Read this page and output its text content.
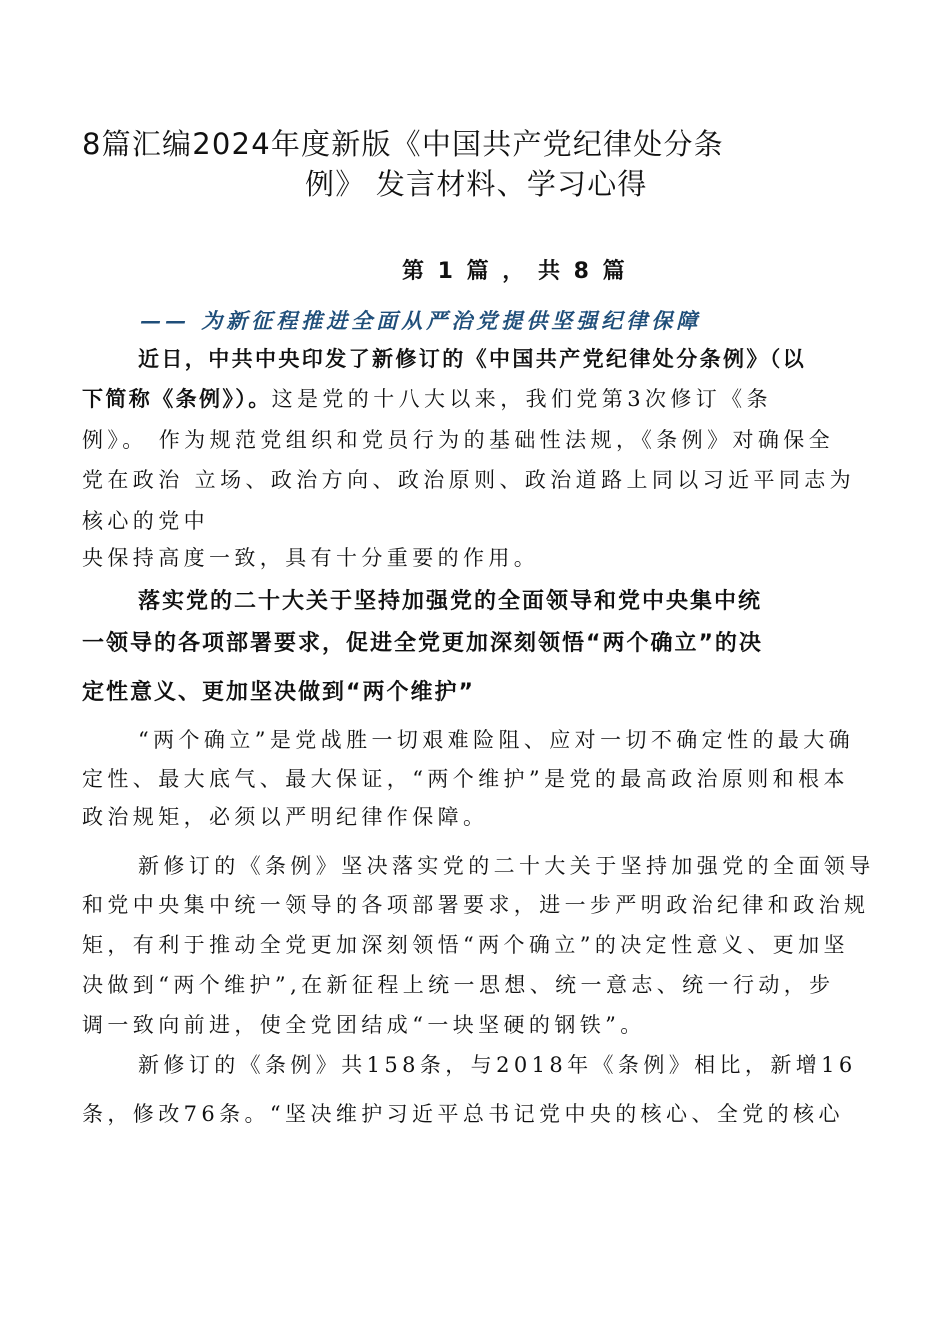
8篇汇编2024年度新版《中国共产党纪律处分条
例》 发言材料、学习心得
第 1 篇 ， 共 8 篇
—— 为新征程推进全面从严治党提供坚强纪律保障
近日，中共中央印发了新修订的《中国共产党纪律处分条例》（以
下简称《条例》）。这是党的十八大以来，我们党第3次修订《条
例》。 作为规范党组织和党员行为的基础性法规，《条例》对确保全
党在政治 立场、政治方向、政治原则、政治道路上同以习近平同志为
核心的党中
央保持高度一致，具有十分重要的作用。
落实党的二十大关于坚持加强党的全面领导和党中央集中统
一领导的各项部署要求，促进全党更加深刻领悟“两个确立”的决
定性意义、更加坚决做到“两个维护”
“两个确立”是党战胜一切艰难险阻、应对一切不确定性的最大确
定性、最大底气、最大保证，“两个维护”是党的最高政治原则和根本
政治规矩，必须以严明纪律作保障。
新修订的《条例》坚决落实党的二十大关于坚持加强党的全面领导
和党中央集中统一领导的各项部署要求，进一步严明政治纪律和政治规
矩，有利于推动全党更加深刻领悟“两个确立”的决定性意义、更加坚
决做到“两个维护”,在新征程上统一思想、统一意志、统一行动，步
调一致向前进，使全党团结成“一块坚硬的钢铁”。
新修订的《条例》共158条，与2018年《条例》相比，新增16
条，修改76条。“坚决维护习近平总书记党中央的核心、全党的核心
